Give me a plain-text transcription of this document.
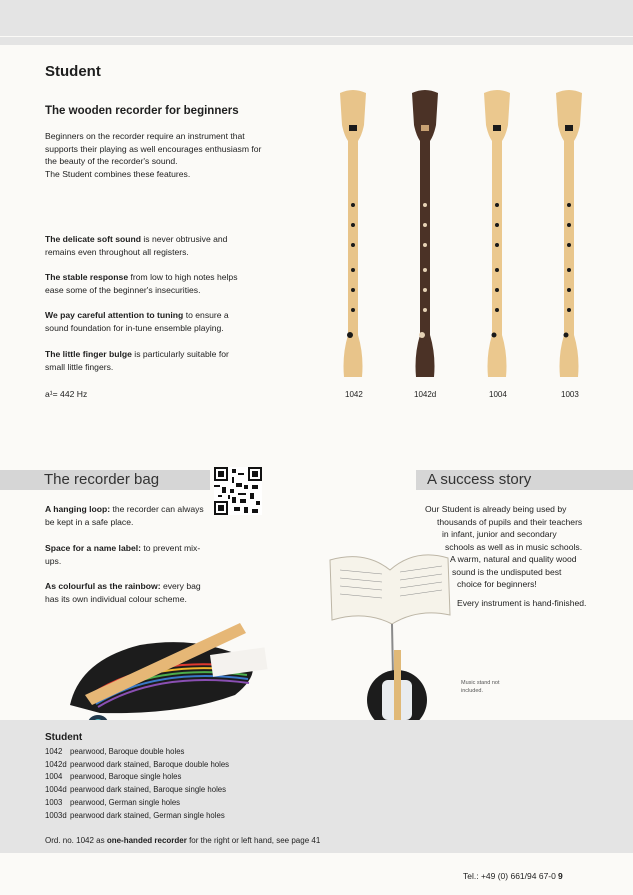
Student
The wooden recorder for beginners

Beginners on the recorder require an instrument that supports their playing as well encourages enthusiasm for the beauty of the recorder's sound.

The Student combines these features.

The delicate soft sound is never obtrusive and remains even throughout all registers.

The stable response from low to high notes helps ease some of the beginner's insecurities.

We pay careful attention to tuning to ensure a sound foundation for in-tune ensemble playing.

The little finger bulge is particularly suitable for small little fingers.

a¹= 442 Hz	1042	1042d	1004	1003
The recorder bag	A success story

A hanging loop: the recorder can always be kept in a safe place.

Space for a name label: to prevent mix-ups.

As colourful as the rainbow: every bag has its own individual colour scheme.

Our Student is already being used by
thousands of pupils and their teachers
in infant, junior and secondary
schools as well as in music schools.
A warm, natural and quality wood
sound is the undisputed best
choice for beginners!
Every instrument is hand-finished.
Music stand not included.
Student
1042 pearwood, Baroque double holes
1042d pearwood dark stained, Baroque double holes
1004 pearwood, Baroque single holes
1004d pearwood dark stained, Baroque single holes
1003 pearwood, German single holes
1003d pearwood dark stained, German single holes
Ord. no. 1042 as one-handed recorder for the right or left hand, see page 41
Tel.: +49 (0) 661/94 67-0 9
